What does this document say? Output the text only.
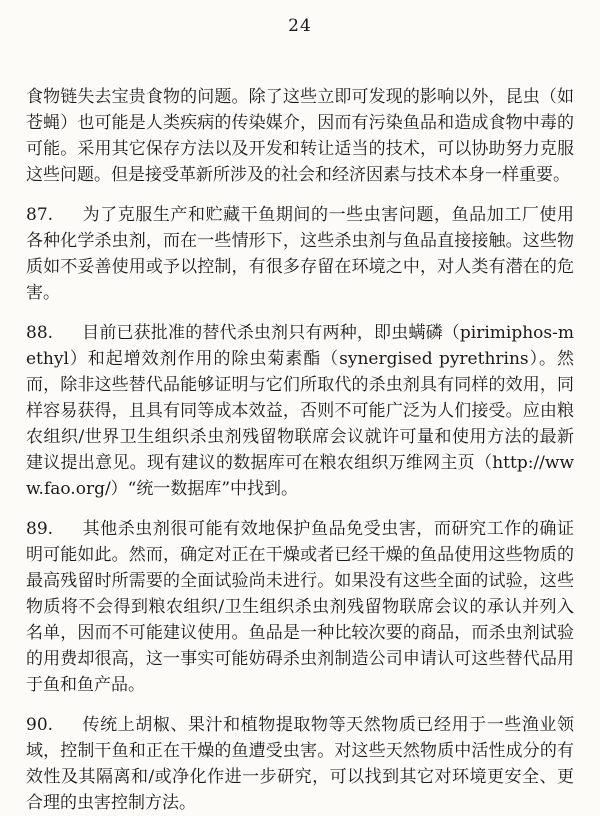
24

食物链失去宝贵食物的问题。除了这些立即可发现的影响以外，昆虫（如苍蝇）也可能是人类疾病的传染媒介，因而有污染鱼品和造成食物中毒的可能。采用其它保存方法以及开发和转让适当的技术，可以协助努力克服这些问题。但是接受革新所涉及的社会和经济因素与技术本身一样重要。

87. 为了克服生产和贮藏干鱼期间的一些虫害问题，鱼品加工厂使用各种化学杀虫剂，而在一些情形下，这些杀虫剂与鱼品直接接触。这些物质如不妥善使用或予以控制，有很多存留在环境之中，对人类有潜在的危害。

88. 目前已获批准的替代杀虫剂只有两种，即虫螨磷（pirimiphos-methyl）和起增效剂作用的除虫菊素酯（synergised pyrethrins）。然而，除非这些替代品能够证明与它们所取代的杀虫剂具有同样的效用，同样容易获得，且具有同等成本效益，否则不可能广泛为人们接受。应由粮农组织/世界卫生组织杀虫剂残留物联席会议就许可量和使用方法的最新建议提出意见。现有建议的数据库可在粮农组织万维网主页（http://www.fao.org/）“统一数据库”中找到。

89. 其他杀虫剂很可能有效地保护鱼品免受虫害，而研究工作的确证明可能如此。然而，确定对正在干燥或者已经干燥的鱼品使用这些物质的最高残留时所需要的全面试验尚未进行。如果没有这些全面的试验，这些物质将不会得到粮农组织/卫生组织杀虫剂残留物联席会议的承认并列入名单，因而不可能建议使用。鱼品是一种比较次要的商品，而杀虫剂试验的用费却很高，这一事实可能妨碍杀虫剂制造公司申请认可这些替代品用于鱼和鱼产品。

90. 传统上胡椒、果汁和植物提取物等天然物质已经用于一些渔业领域，控制干鱼和正在干燥的鱼遭受虫害。对这些天然物质中活性成分的有效性及其隔离和/或净化作进一步研究，可以找到其它对环境更安全、更合理的虫害控制方法。
